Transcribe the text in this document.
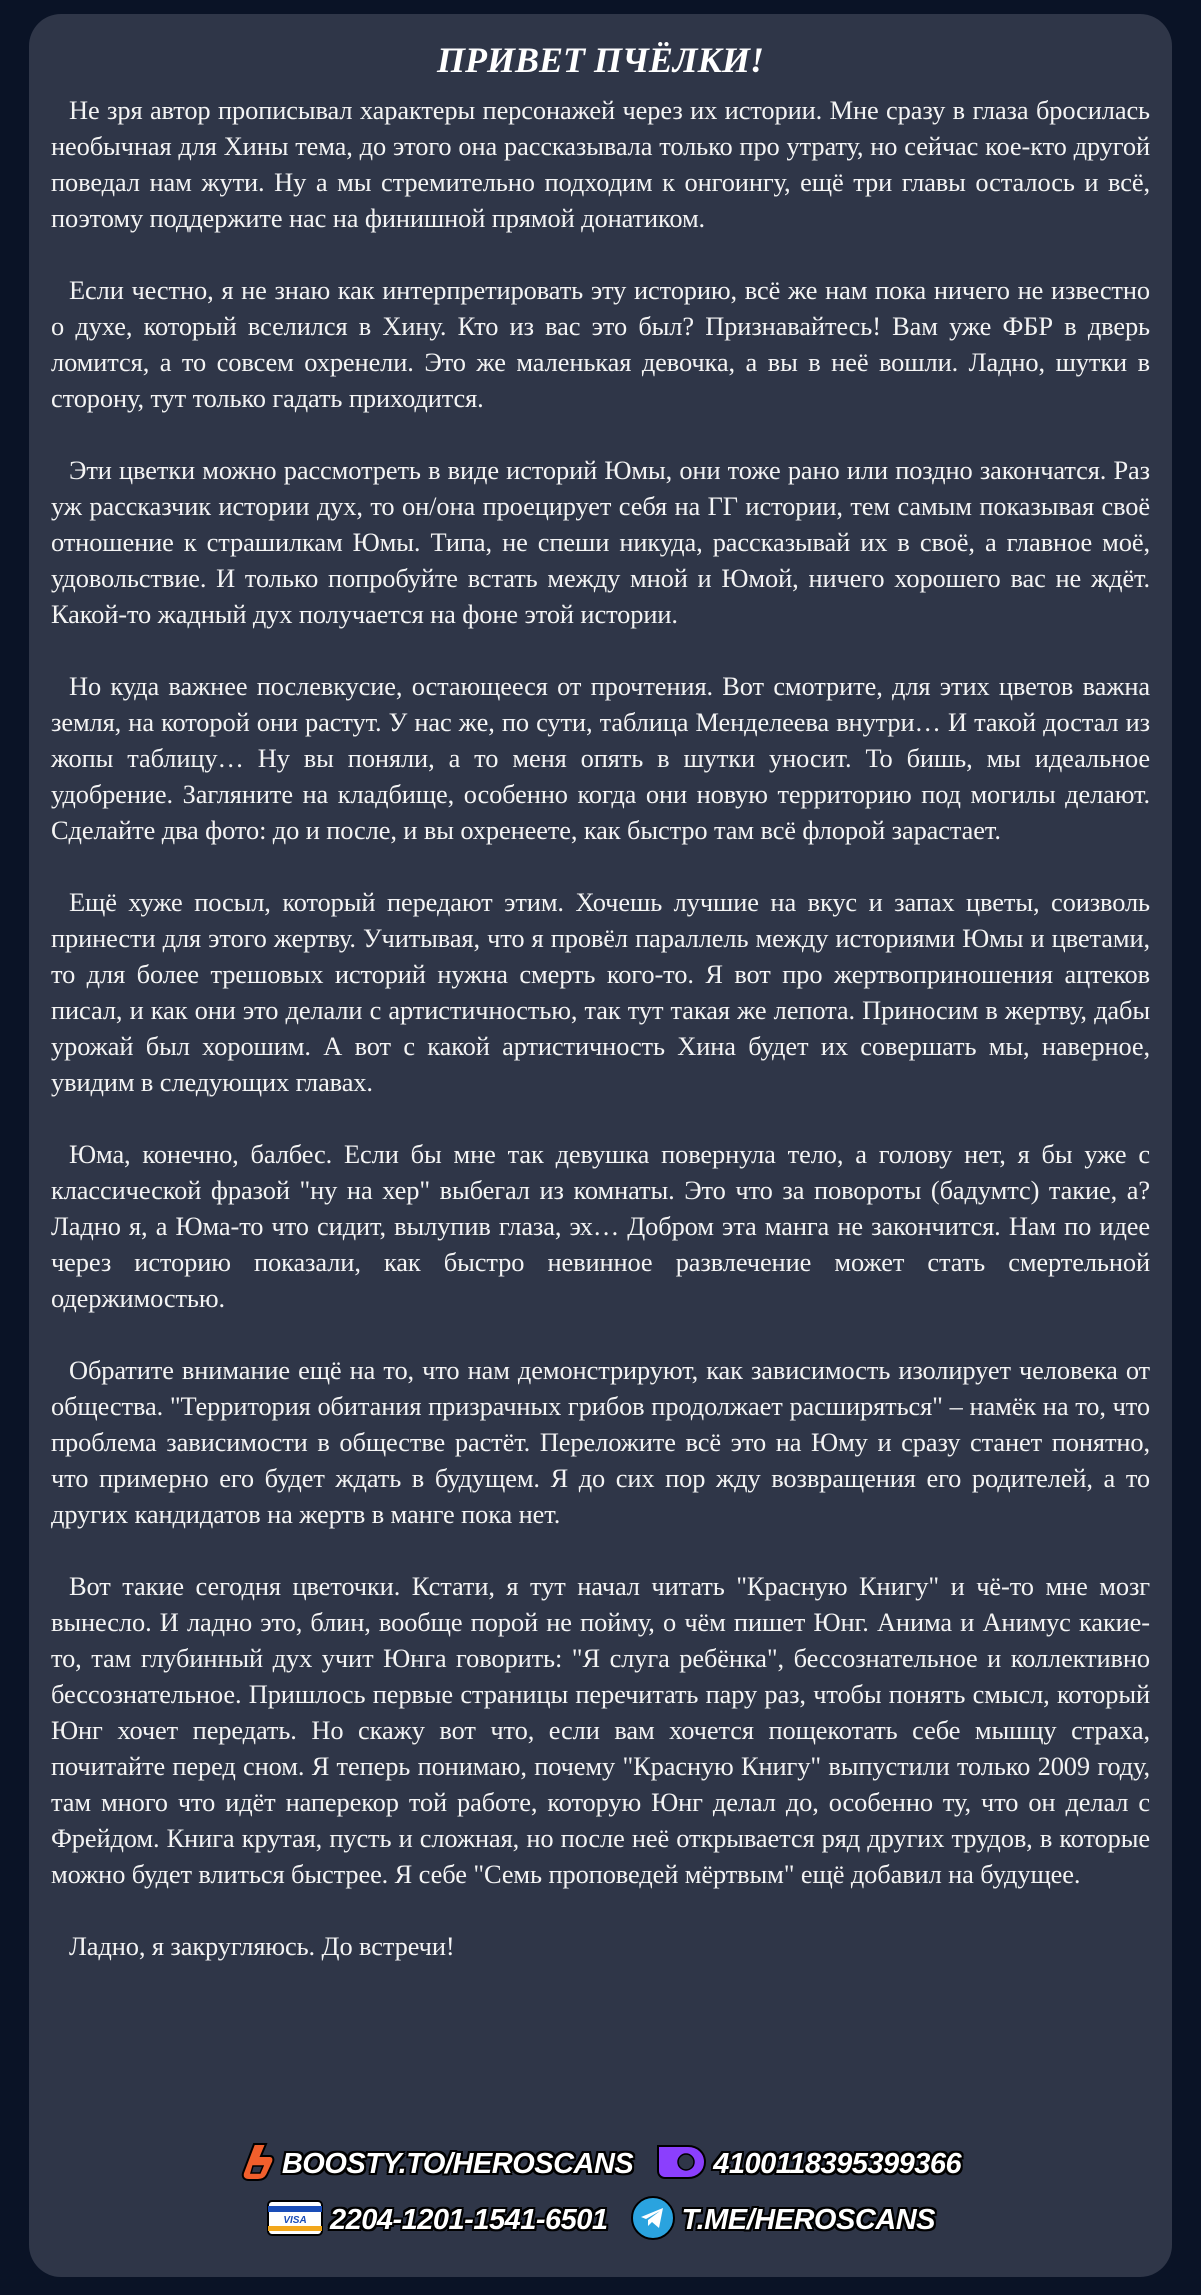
ПРИВЕТ ПЧЁЛКИ!

Не зря автор прописывал характеры персонажей через их истории. Мне сразу в глаза бросилась необычная для Хины тема, до этого она рассказывала только про утрату, но сейчас кое-кто другой поведал нам жути. Ну а мы стремительно подходим к онгоингу, ещё три главы осталось и всё, поэтому поддержите нас на финишной прямой донатиком.

Если честно, я не знаю как интерпретировать эту историю, всё же нам пока ничего не известно о духе, который вселился в Хину. Кто из вас это был? Признавайтесь! Вам уже ФБР в дверь ломится, а то совсем охренели. Это же маленькая девочка, а вы в неё вошли. Ладно, шутки в сторону, тут только гадать приходится.

Эти цветки можно рассмотреть в виде историй Юмы, они тоже рано или поздно закончатся. Раз уж рассказчик истории дух, то он/она проецирует себя на ГГ истории, тем самым показывая своё отношение к страшилкам Юмы. Типа, не спеши никуда, рассказывай их в своё, а главное моё, удовольствие. И только попробуйте встать между мной и Юмой, ничего хорошего вас не ждёт. Какой-то жадный дух получается на фоне этой истории.

Но куда важнее послевкусие, остающееся от прочтения. Вот смотрите, для этих цветов важна земля, на которой они растут. У нас же, по сути, таблица Менделеева внутри… И такой достал из жопы таблицу… Ну вы поняли, а то меня опять в шутки уносит. То бишь, мы идеальное удобрение. Загляните на кладбище, особенно когда они новую территорию под могилы делают. Сделайте два фото: до и после, и вы охренеете, как быстро там всё флорой зарастает.

Ещё хуже посыл, который передают этим. Хочешь лучшие на вкус и запах цветы, соизволь принести для этого жертву. Учитывая, что я провёл параллель между историями Юмы и цветами, то для более трешовых историй нужна смерть кого-то. Я вот про жертвоприношения ацтеков писал, и как они это делали с артистичностью, так тут такая же лепота. Приносим в жертву, дабы урожай был хорошим. А вот с какой артистичность Хина будет их совершать мы, наверное, увидим в следующих главах.

Юма, конечно, балбес. Если бы мне так девушка повернула тело, а голову нет, я бы уже с классической фразой "ну на хер" выбегал из комнаты. Это что за повороты (бадумтс) такие, а? Ладно я, а Юма-то что сидит, вылупив глаза, эх… Добром эта манга не закончится. Нам по идее через историю показали, как быстро невинное развлечение может стать смертельной одержимостью.

Обратите внимание ещё на то, что нам демонстрируют, как зависимость изолирует человека от общества. "Территория обитания призрачных грибов продолжает расширяться" – намёк на то, что проблема зависимости в обществе растёт. Переложите всё это на Юму и сразу станет понятно, что примерно его будет ждать в будущем. Я до сих пор жду возвращения его родителей, а то других кандидатов на жертв в манге пока нет.

Вот такие сегодня цветочки. Кстати, я тут начал читать "Красную Книгу" и чё-то мне мозг вынесло. И ладно это, блин, вообще порой не пойму, о чём пишет Юнг. Анима и Анимус какие-то, там глубинный дух учит Юнга говорить: "Я слуга ребёнка", бессознательное и коллективно бессознательное. Пришлось первые страницы перечитать пару раз, чтобы понять смысл, который Юнг хочет передать. Но скажу вот что, если вам хочется пощекотать себе мышцу страха, почитайте перед сном. Я теперь понимаю, почему "Красную Книгу" выпустили только 2009 году, там много что идёт наперекор той работе, которую Юнг делал до, особенно ту, что он делал с Фрейдом. Книга крутая, пусть и сложная, но после неё открывается ряд других трудов, в которые можно будет влиться быстрее. Я себе "Семь проповедей мёртвым" ещё добавил на будущее.

Ладно, я закругляюсь. До встречи!

BOOSTY.TO/HEROSCANS	4100118395399366
VISA 2204-1201-1541-6501	T.ME/HEROSCANS
